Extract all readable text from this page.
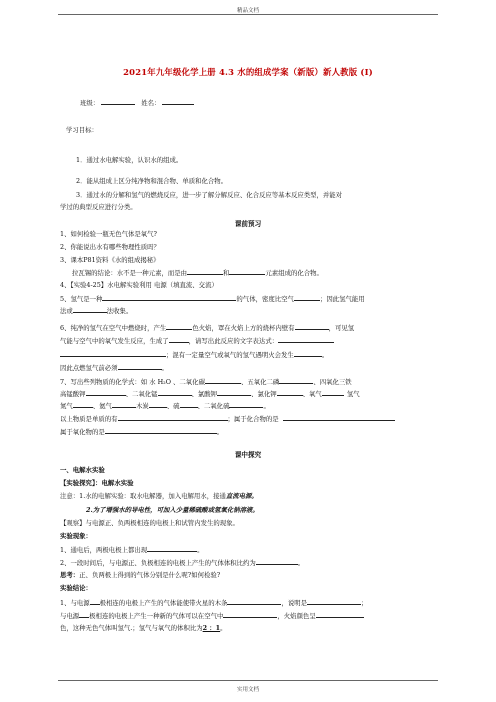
精品文档
2021年九年级化学上册 4.3 水的组成学案（新版）新人教版 (I)
班级：	姓名：
学习目标：
1．通过水电解实验，认识水的组成。
2．能从组成上区分纯净物和混合物、单质和化合物。
3．通过水的分解和氢气的燃烧反应，进一步了解分解反应、化合反应等基本反应类型，并能对
学过的典型反应进行分类。
课前预习
1、如何检验一瓶无色气体是氧气?
2、你能说出水有哪些物理性质吗？
3、课本P81资料《水的组成揭秘》
拉瓦锡的结论：水不是一种元素，而是由	和	元素组成的化合物。
4、【实验4-25】水电解实验利用 电源（填直流、交流）
5、氢气是一种	的气体，密度比空气	；因此氢气能用
法或	法收集。
6、纯净的氢气在空气中燃烧时，产生	色火焰，罩在火焰上方的烧杯内壁有	，可见氢
气能与空气中的氧气发生反应，生成了	，请写出此反应的文字表达式：
；混有一定量空气或氧气的氢气遇明火会发生	。
因此点燃氢气前必须	。
7、写出些列物质的化学式：如 水 H₂O 、二氧化碳	、五氧化二磷	、四氧化三铁
高锰酸钾	、二氧化锰	、氯酸钾	、氯化钾	、氧气	氢气
氮气	、氦气	木炭	、硫	、二氧化硫	。
以上物质是单质的有	；属于化合物的是
属于氧化物的是	。
课中探究
一、电解水实验
【实验探究】：电解水实验
注意：1.水的电解实验：取水电解器，加入电解用水，接通直流电源。
2.为了增强水的导电性，可加入少量稀硫酸或氢氧化钠溶液。
【观察】与电源正、负两极相连的电极上和试管内发生的现象。
实验现象：
1、通电后，两极电极上都出现	。
2、一段时间后，与电源正、负极相连的电极上产生的气体体积比约为	。
思考：正、负两极上得到的气体分别是什么呢?如何检验?
实验结论：
1、与电源 极相连的电极上产生的气体能使带火星的木条	，说明是	；
与电源 极相连的电极上产生一种新的气体可以在空气中	，火焰颜色呈
色，这种无色气体叫氢气.；氢气与氧气的体积比为2 ：1。
实用文档
